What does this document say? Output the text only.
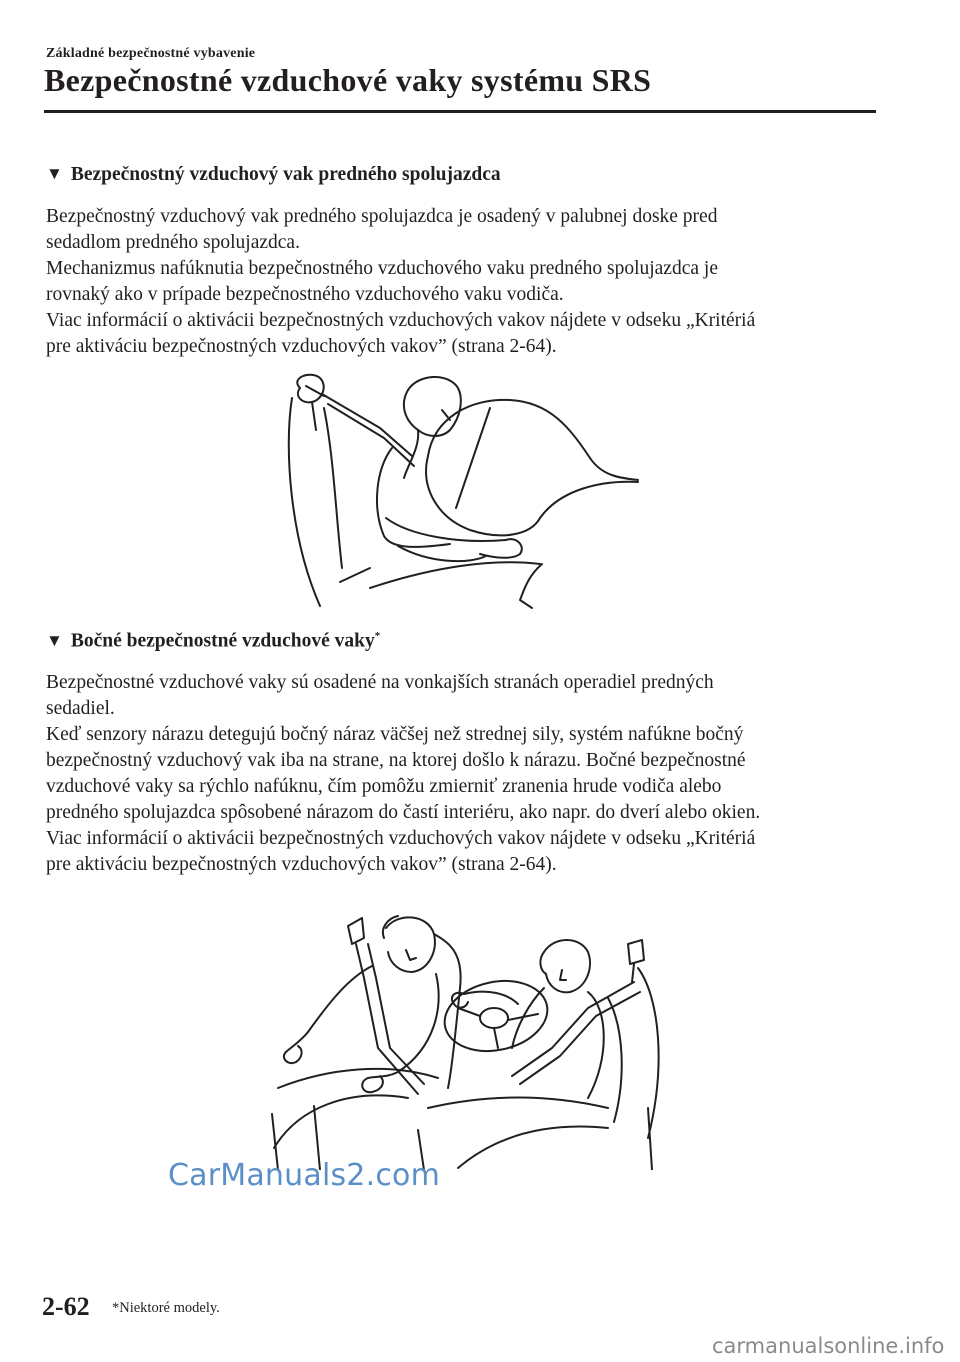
Základné bezpečnostné vybavenie
Bezpečnostné vzduchové vaky systému SRS
▼ Bezpečnostný vzduchový vak predného spolujazdca

Bezpečnostný vzduchový vak predného spolujazdca je osadený v palubnej doske pred

sedadlom predného spolujazdca.

Mechanizmus nafúknutia bezpečnostného vzduchového vaku predného spolujazdca je

rovnaký ako v prípade bezpečnostného vzduchového vaku vodiča.

Viac informácií o aktivácii bezpečnostných vzduchových vakov nájdete v odseku „Kritériá

pre aktiváciu bezpečnostných vzduchových vakov” (strana 2-64).

▼ Bočné bezpečnostné vzduchové vaky*

Bezpečnostné vzduchové vaky sú osadené na vonkajších stranách operadiel predných

sedadiel.

Keď senzory nárazu detegujú bočný náraz väčšej než strednej sily, systém nafúkne bočný

bezpečnostný vzduchový vak iba na strane, na ktorej došlo k nárazu. Bočné bezpečnostné

vzduchové vaky sa rýchlo nafúknu, čím pomôžu zmierniť zranenia hrude vodiča alebo

predného spolujazdca spôsobené nárazom do častí interiéru, ako napr. do dverí alebo okien.

Viac informácií o aktivácii bezpečnostných vzduchových vakov nájdete v odseku „Kritériá

pre aktiváciu bezpečnostných vzduchových vakov” (strana 2-64).

CarManuals2.com
2-62 *Niektoré modely.
carmanualsonline.info
